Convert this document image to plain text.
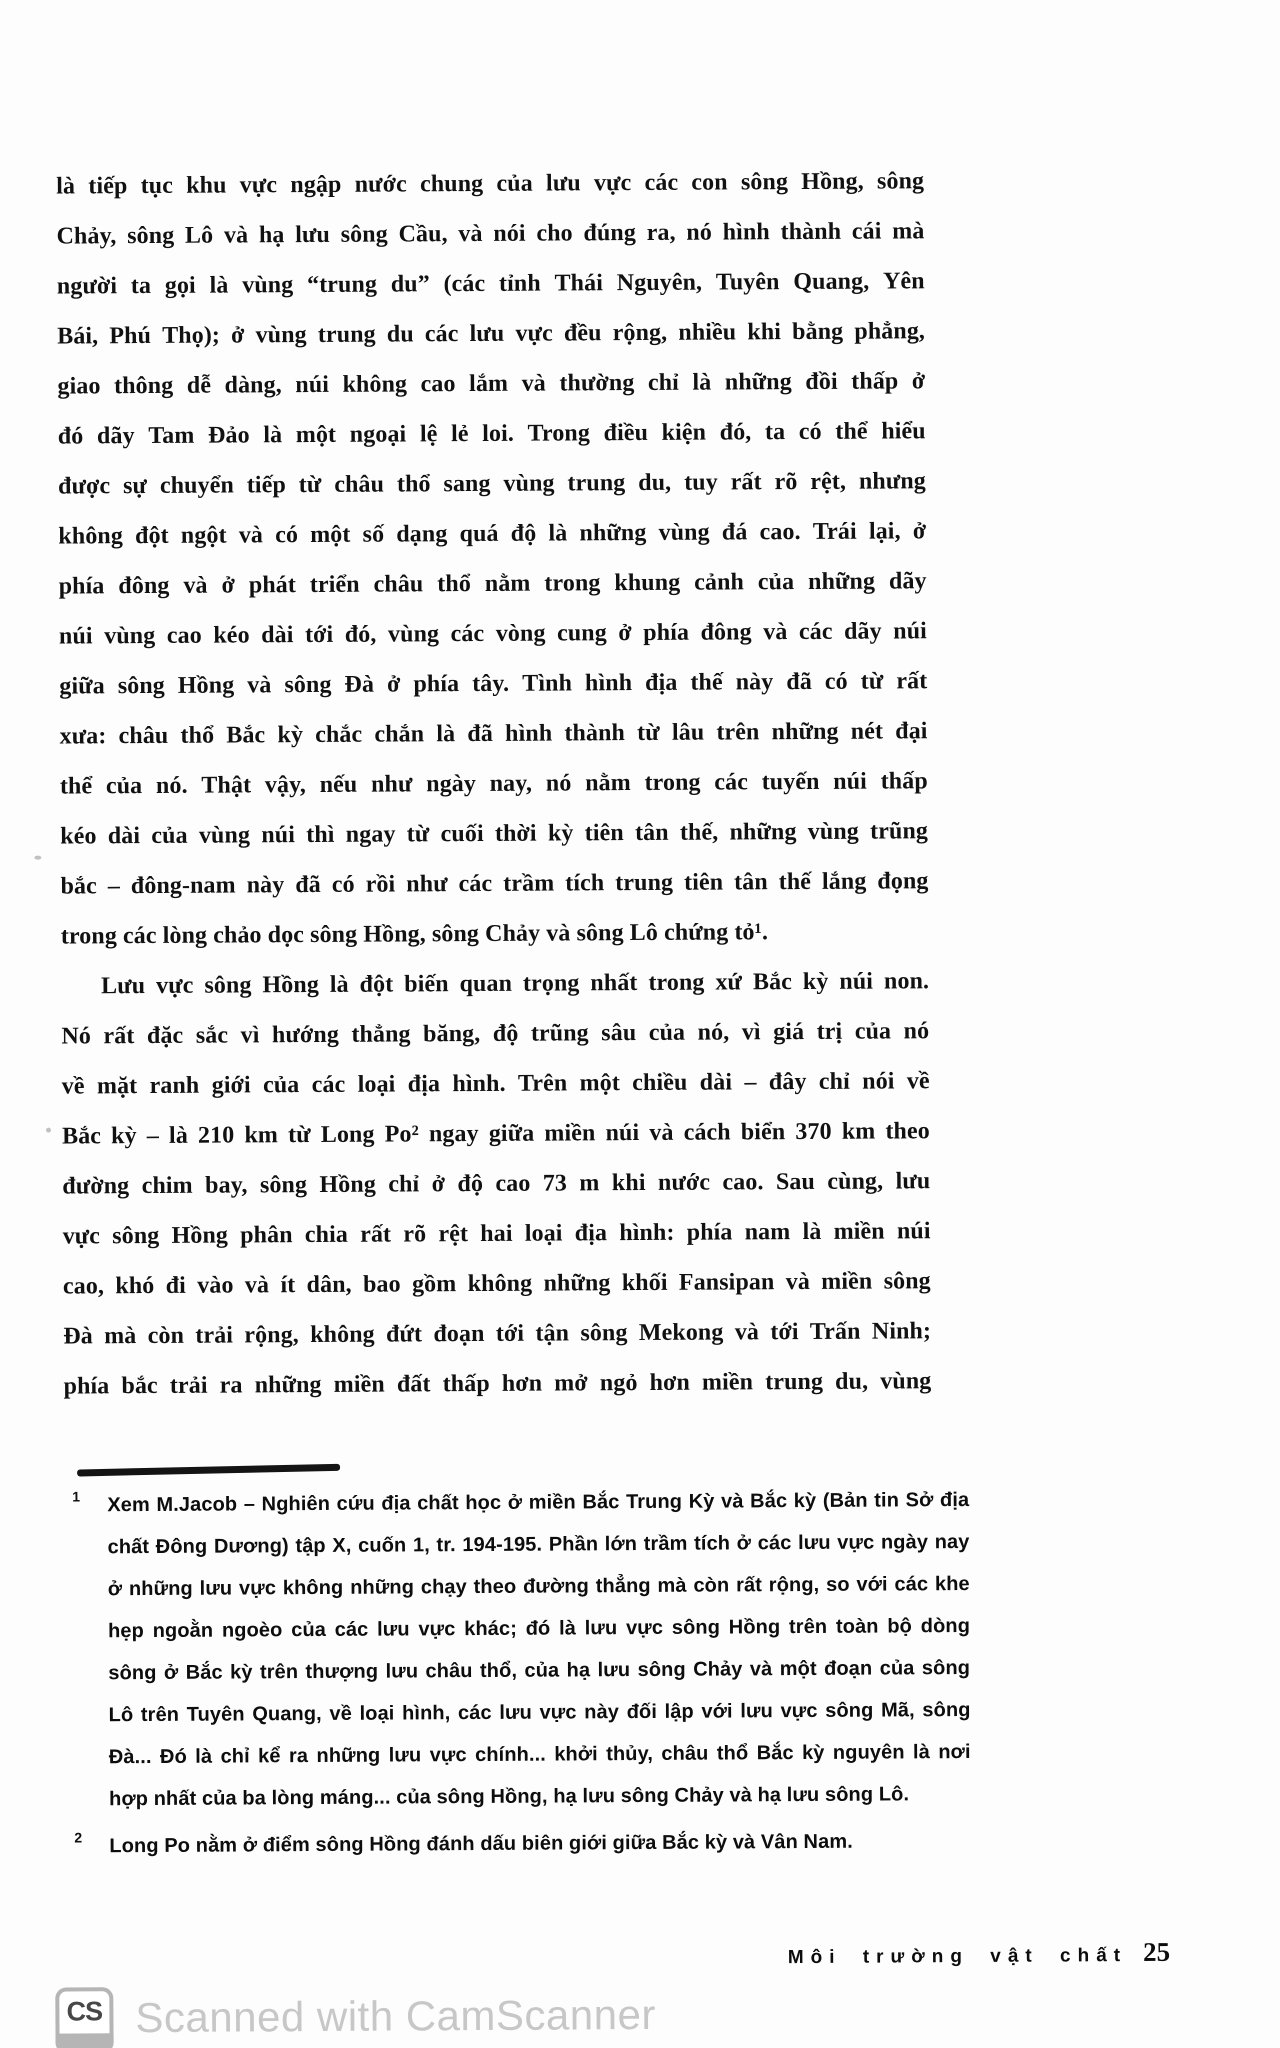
là tiếp tục khu vực ngập nước chung của lưu vực các con sông Hồng, sông
Chảy, sông Lô và hạ lưu sông Cầu, và nói cho đúng ra, nó hình thành cái mà
người ta gọi là vùng “trung du” (các tỉnh Thái Nguyên, Tuyên Quang, Yên
Bái, Phú Thọ); ở vùng trung du các lưu vực đều rộng, nhiều khi bằng phẳng,
giao thông dễ dàng, núi không cao lắm và thường chỉ là những đồi thấp ở
đó dãy Tam Đảo là một ngoại lệ lẻ loi. Trong điều kiện đó, ta có thể hiểu
được sự chuyển tiếp từ châu thổ sang vùng trung du, tuy rất rõ rệt, nhưng
không đột ngột và có một số dạng quá độ là những vùng đá cao. Trái lại, ở
phía đông và ở phát triển châu thổ nằm trong khung cảnh của những dãy
núi vùng cao kéo dài tới đó, vùng các vòng cung ở phía đông và các dãy núi
giữa sông Hồng và sông Đà ở phía tây. Tình hình địa thế này đã có từ rất
xưa: châu thổ Bắc kỳ chắc chắn là đã hình thành từ lâu trên những nét đại
thể của nó. Thật vậy, nếu như ngày nay, nó nằm trong các tuyến núi thấp
kéo dài của vùng núi thì ngay từ cuối thời kỳ tiên tân thế, những vùng trũng
bắc – đông-nam này đã có rồi như các trầm tích trung tiên tân thế lắng đọng
trong các lòng chảo dọc sông Hồng, sông Chảy và sông Lô chứng tỏ¹.
Lưu vực sông Hồng là đột biến quan trọng nhất trong xứ Bắc kỳ núi non.
Nó rất đặc sắc vì hướng thẳng băng, độ trũng sâu của nó, vì giá trị của nó
về mặt ranh giới của các loại địa hình. Trên một chiều dài – đây chỉ nói về
Bắc kỳ – là 210 km từ Long Po² ngay giữa miền núi và cách biển 370 km theo
đường chim bay, sông Hồng chỉ ở độ cao 73 m khi nước cao. Sau cùng, lưu
vực sông Hồng phân chia rất rõ rệt hai loại địa hình: phía nam là miền núi
cao, khó đi vào và ít dân, bao gồm không những khối Fansipan và miền sông
Đà mà còn trải rộng, không đứt đoạn tới tận sông Mekong và tới Trấn Ninh;
phía bắc trải ra những miền đất thấp hơn mở ngỏ hơn miền trung du, vùng
1 Xem M.Jacob – Nghiên cứu địa chất học ở miền Bắc Trung Kỳ và Bắc kỳ (Bản tin Sở địa
chất Đông Dương) tập X, cuốn 1, tr. 194-195. Phần lớn trầm tích ở các lưu vực ngày nay
ở những lưu vực không những chạy theo đường thẳng mà còn rất rộng, so với các khe
hẹp ngoằn ngoèo của các lưu vực khác; đó là lưu vực sông Hồng trên toàn bộ dòng
sông ở Bắc kỳ trên thượng lưu châu thổ, của hạ lưu sông Chảy và một đoạn của sông
Lô trên Tuyên Quang, về loại hình, các lưu vực này đối lập với lưu vực sông Mã, sông
Đà... Đó là chỉ kể ra những lưu vực chính... khởi thủy, châu thổ Bắc kỳ nguyên là nơi
hợp nhất của ba lòng máng... của sông Hồng, hạ lưu sông Chảy và hạ lưu sông Lô.
2 Long Po nằm ở điểm sông Hồng đánh dấu biên giới giữa Bắc kỳ và Vân Nam.
Môi trường vật chất 25
CS Scanned with CamScanner
